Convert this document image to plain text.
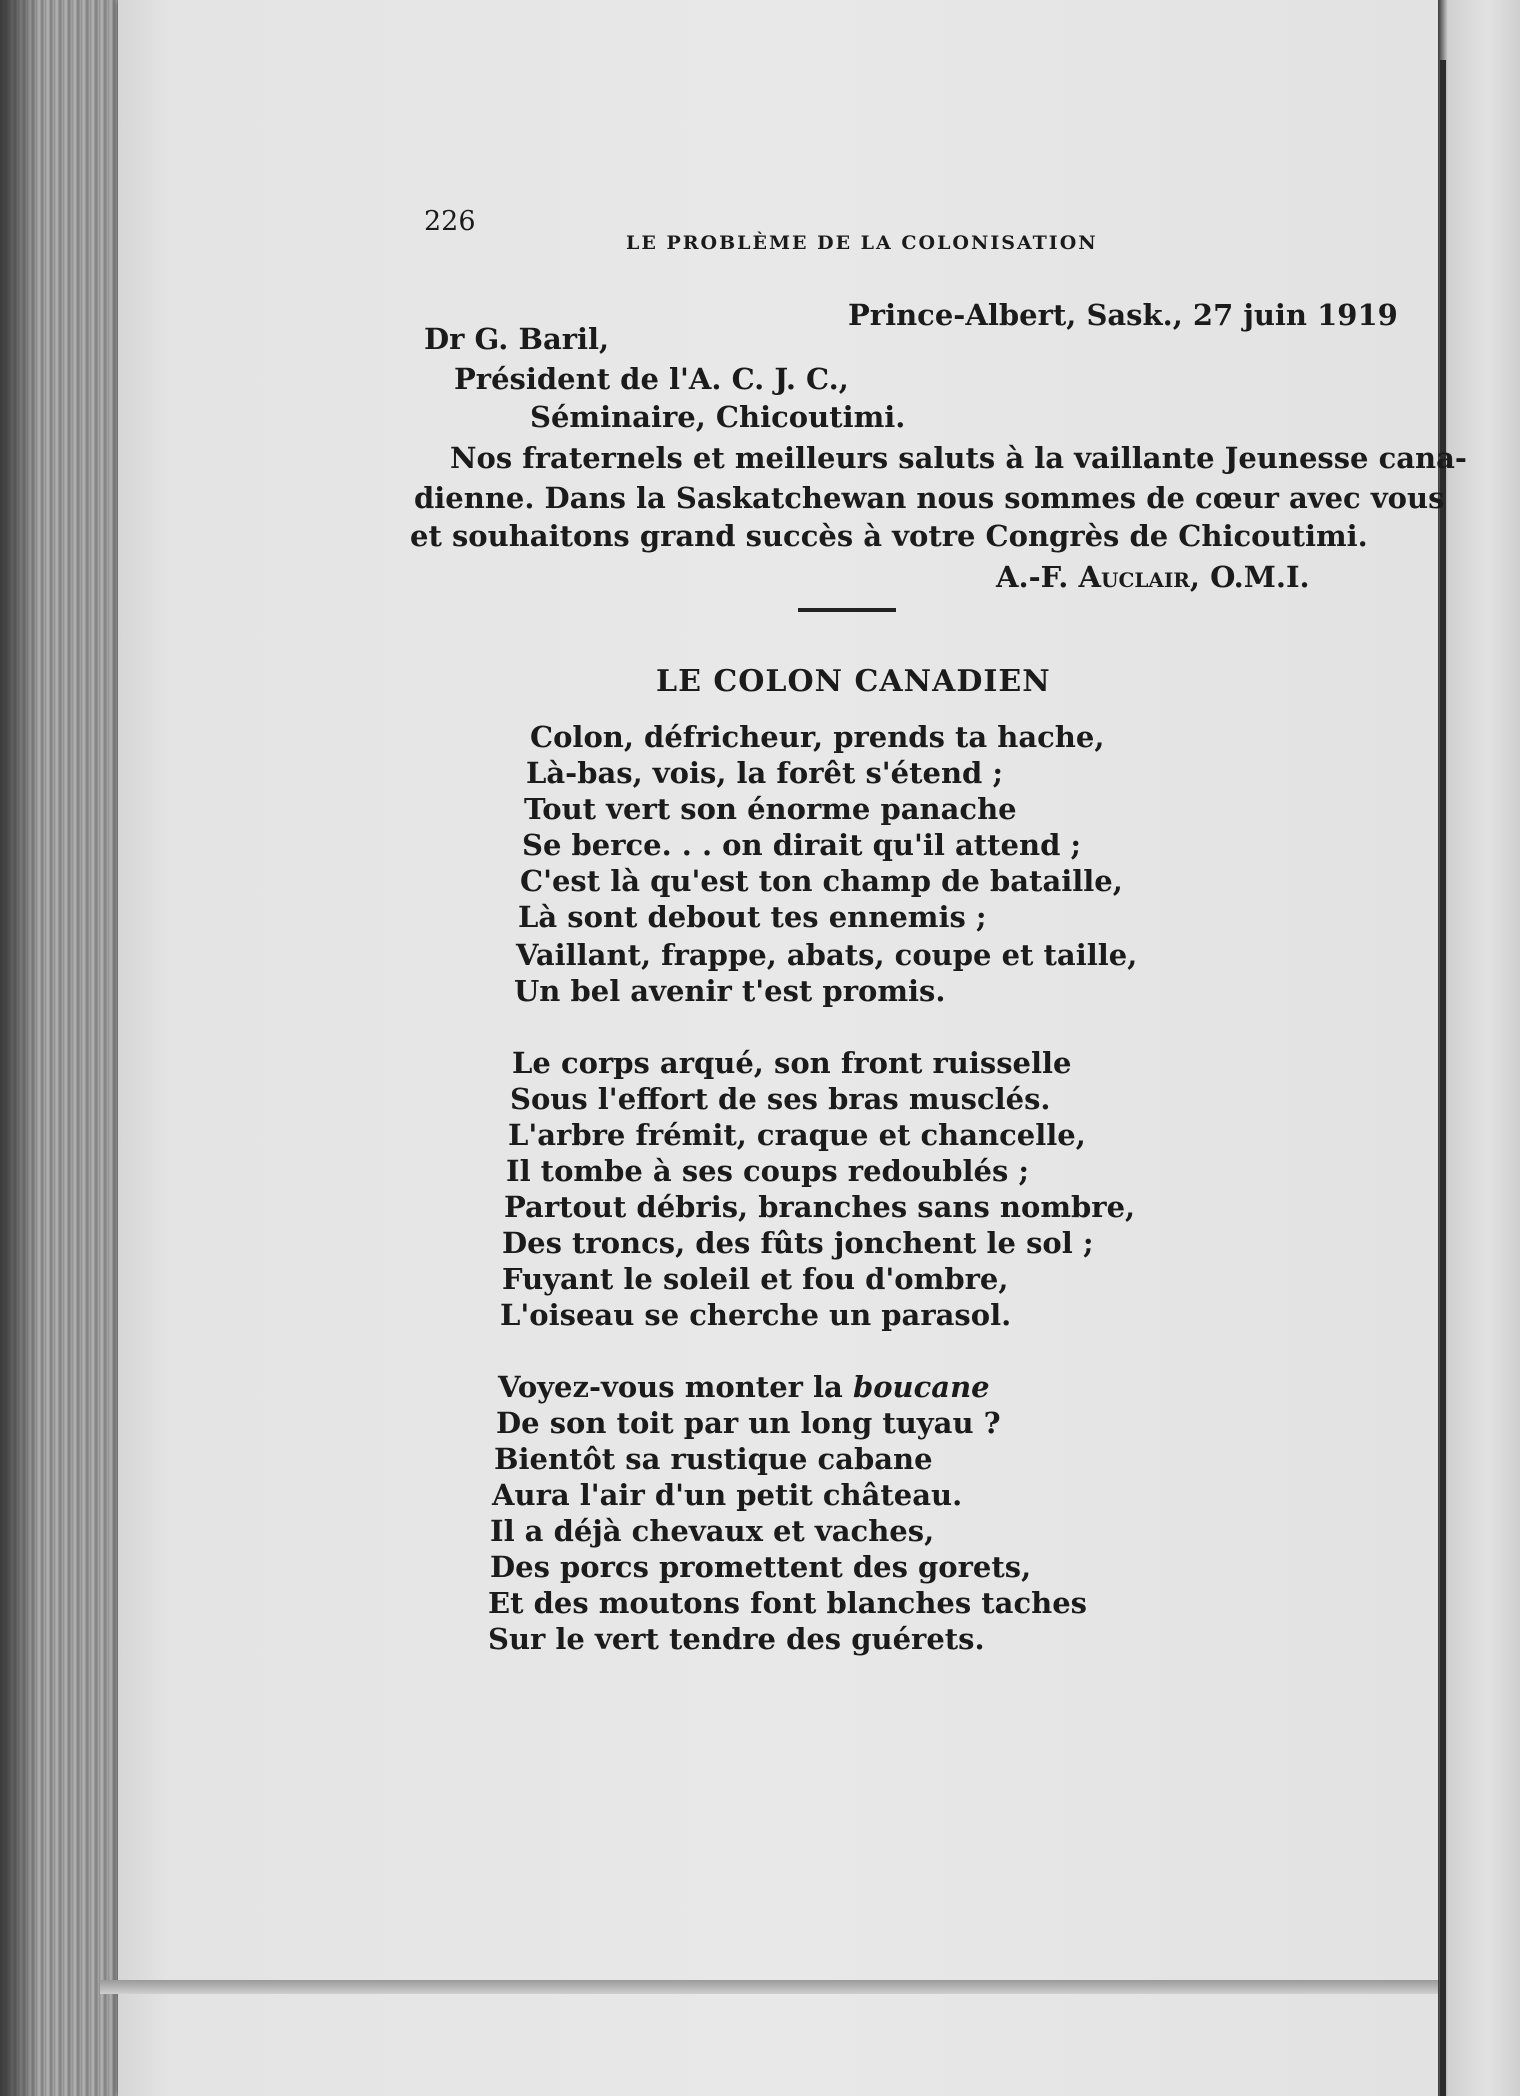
226
LE PROBLÈME DE LA COLONISATION
Prince-Albert, Sask., 27 juin 1919
Dr G. Baril,
Président de l'A. C. J. C.,
Séminaire, Chicoutimi.
Nos fraternels et meilleurs saluts à la vaillante Jeunesse cana-
dienne. Dans la Saskatchewan nous sommes de cœur avec vous
et souhaitons grand succès à votre Congrès de Chicoutimi.
A.-F. Auclair, O.M.I.
LE COLON CANADIEN
Colon, défricheur, prends ta hache,
Là-bas, vois, la forêt s'étend ;
Tout vert son énorme panache
Se berce. . . on dirait qu'il attend ;
C'est là qu'est ton champ de bataille,
Là sont debout tes ennemis ;
Vaillant, frappe, abats, coupe et taille,
Un bel avenir t'est promis.
Le corps arqué, son front ruisselle
Sous l'effort de ses bras musclés.
L'arbre frémit, craque et chancelle,
Il tombe à ses coups redoublés ;
Partout débris, branches sans nombre,
Des troncs, des fûts jonchent le sol ;
Fuyant le soleil et fou d'ombre,
L'oiseau se cherche un parasol.
Voyez-vous monter la boucane
De son toit par un long tuyau ?
Bientôt sa rustique cabane
Aura l'air d'un petit château.
Il a déjà chevaux et vaches,
Des porcs promettent des gorets,
Et des moutons font blanches taches
Sur le vert tendre des guérets.
